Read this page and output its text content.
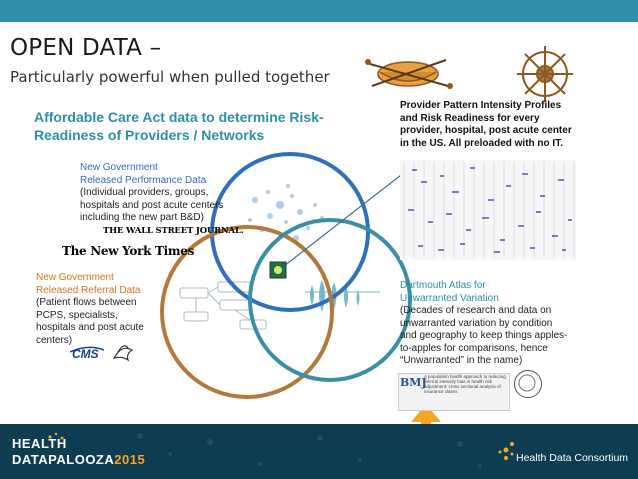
OPEN DATA –
Particularly powerful when pulled together
Affordable Care Act data to determine Risk-Readiness of Providers / Networks
New Government
Released Performance Data
(Individual providers, groups, hospitals and post acute centers including the new part B&D)
THE WALL STREET JOURNAL.
The New York Times
New Government
Released Referral Data
(Patient flows between PCPS, specialists, hospitals and post acute centers)
CMS
Provider Pattern Intensity Profiles and Risk Readiness for every provider, hospital, post acute center in the US. All preloaded with no IT.
Dartmouth Atlas for
Unwarranted Variation
(Decades of research and data on unwarranted variation by condition and geography to keep things apples-to-apples for comparisons, hence “Unwarranted” in the name)
BMJ
A population health approach to reducing referral intensity bias in health risk adjustment: cross sectional analysis of insurance claims
HEALTH
DATAPALOOZA2015	Health Data Consortium
